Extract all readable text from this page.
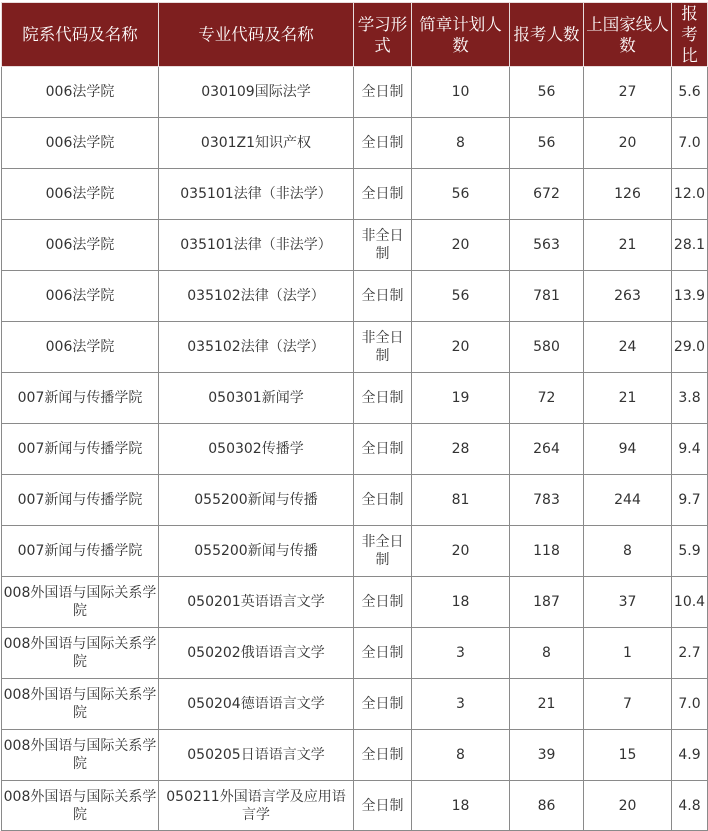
院系代码及名称	专业代码及名称	学习形式	简章计划人数	报考人数	上国家线人数	报考比
006法学院	030109国际法学	全日制	10	56	27	5.6
006法学院	0301Z1知识产权	全日制	8	56	20	7.0
006法学院	035101法律（非法学）	全日制	56	672	126	12.0
006法学院	035101法律（非法学）	非全日制	20	563	21	28.1
006法学院	035102法律（法学）	全日制	56	781	263	13.9
006法学院	035102法律（法学）	非全日制	20	580	24	29.0
007新闻与传播学院	050301新闻学	全日制	19	72	21	3.8
007新闻与传播学院	050302传播学	全日制	28	264	94	9.4
007新闻与传播学院	055200新闻与传播	全日制	81	783	244	9.7
007新闻与传播学院	055200新闻与传播	非全日制	20	118	8	5.9
008外国语与国际关系学院	050201英语语言文学	全日制	18	187	37	10.4
008外国语与国际关系学院	050202俄语语言文学	全日制	3	8	1	2.7
008外国语与国际关系学院	050204德语语言文学	全日制	3	21	7	7.0
008外国语与国际关系学院	050205日语语言文学	全日制	8	39	15	4.9
008外国语与国际关系学院	050211外国语言学及应用语言学	全日制	18	86	20	4.8
